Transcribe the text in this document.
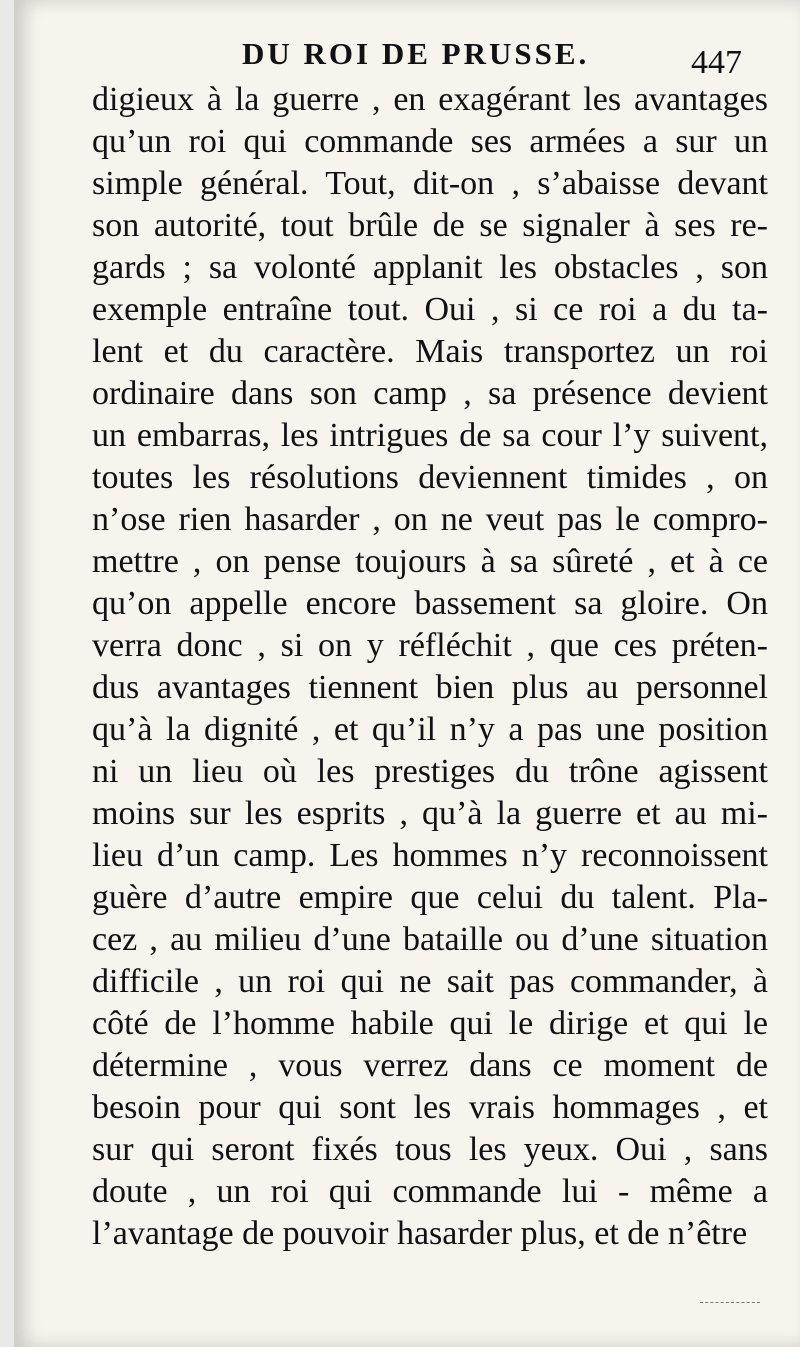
DU ROI DE PRUSSE.	447
digieux à la guerre , en exagérant les avantages
qu’un roi qui commande ses armées a sur un
simple général. Tout, dit-on , s’abaisse devant
son autorité, tout brûle de se signaler à ses re-
gards ; sa volonté applanit les obstacles , son
exemple entraîne tout. Oui , si ce roi a du ta-
lent et du caractère. Mais transportez un roi
ordinaire dans son camp , sa présence devient
un embarras, les intrigues de sa cour l’y suivent,
toutes les résolutions deviennent timides , on
n’ose rien hasarder , on ne veut pas le compro-
mettre , on pense toujours à sa sûreté , et à ce
qu’on appelle encore bassement sa gloire. On
verra donc , si on y réfléchit , que ces préten-
dus avantages tiennent bien plus au personnel
qu’à la dignité , et qu’il n’y a pas une position
ni un lieu où les prestiges du trône agissent
moins sur les esprits , qu’à la guerre et au mi-
lieu d’un camp. Les hommes n’y reconnoissent
guère d’autre empire que celui du talent. Pla-
cez , au milieu d’une bataille ou d’une situation
difficile , un roi qui ne sait pas commander, à
côté de l’homme habile qui le dirige et qui le
détermine , vous verrez dans ce moment de
besoin pour qui sont les vrais hommages , et
sur qui seront fixés tous les yeux. Oui , sans
doute , un roi qui commande lui - même a
l’avantage de pouvoir hasarder plus, et de n’être
